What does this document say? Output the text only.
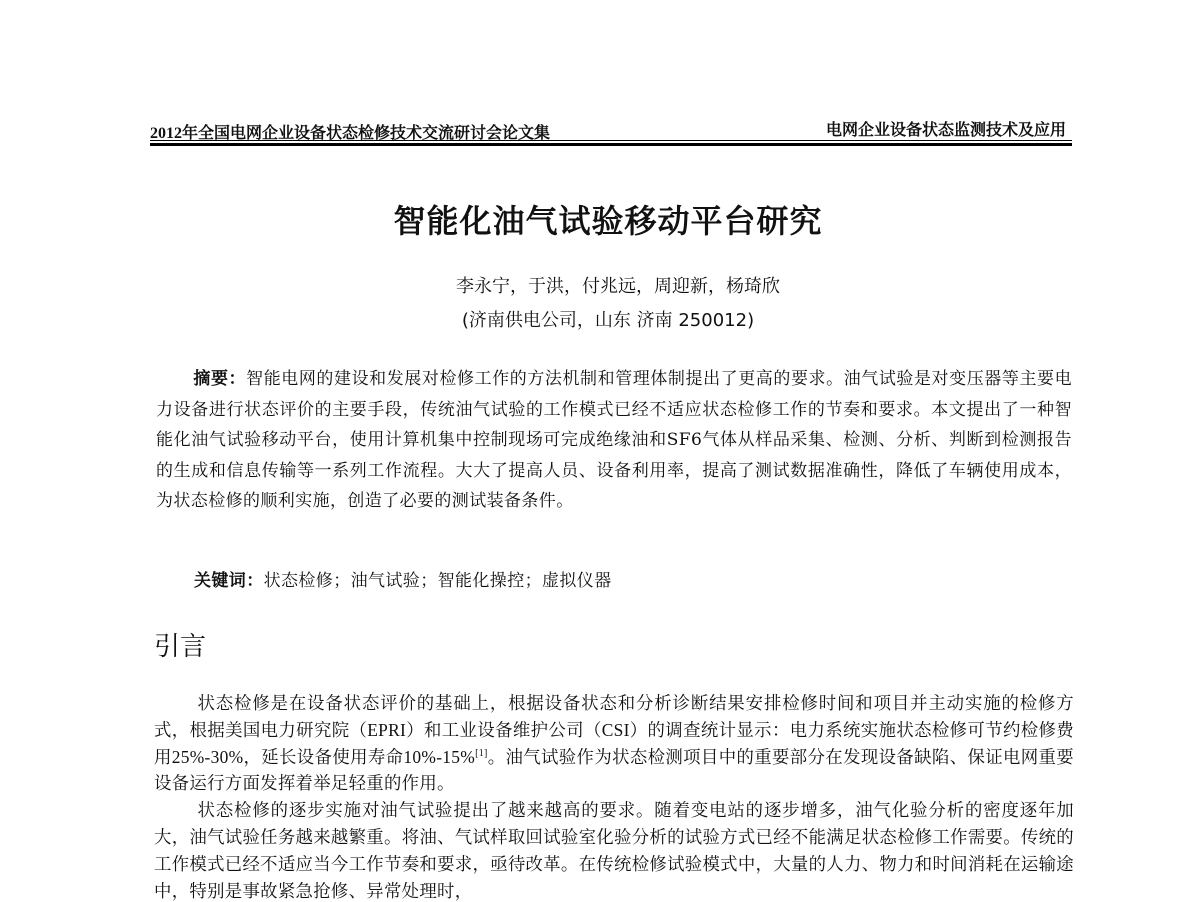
2012年全国电网企业设备状态检修技术交流研讨会论文集	电网企业设备状态监测技术及应用
智能化油气试验移动平台研究
李永宁，于洪，付兆远，周迎新，杨琦欣
(济南供电公司，山东 济南 250012)
摘要：智能电网的建设和发展对检修工作的方法机制和管理体制提出了更高的要求。油气试验是对变压器等主要电力设备进行状态评价的主要手段，传统油气试验的工作模式已经不适应状态检修工作的节奏和要求。本文提出了一种智能化油气试验移动平台，使用计算机集中控制现场可完成绝缘油和SF6气体从样品采集、检测、分析、判断到检测报告的生成和信息传输等一系列工作流程。大大了提高人员、设备利用率，提高了测试数据准确性，降低了车辆使用成本，为状态检修的顺利实施，创造了必要的测试装备条件。
关键词：状态检修；油气试验；智能化操控；虚拟仪器
引言

状态检修是在设备状态评价的基础上，根据设备状态和分析诊断结果安排检修时间和项目并主动实施的检修方式，根据美国电力研究院（EPRI）和工业设备维护公司（CSI）的调查统计显示：电力系统实施状态检修可节约检修费用25%-30%，延长设备使用寿命10%-15%[1]。油气试验作为状态检测项目中的重要部分在发现设备缺陷、保证电网重要设备运行方面发挥着举足轻重的作用。

状态检修的逐步实施对油气试验提出了越来越高的要求。随着变电站的逐步增多，油气化验分析的密度逐年加大，油气试验任务越来越繁重。将油、气试样取回试验室化验分析的试验方式已经不能满足状态检修工作需要。传统的工作模式已经不适应当今工作节奏和要求，亟待改革。在传统检修试验模式中，大量的人力、物力和时间消耗在运输途中，特别是事故紧急抢修、异常处理时，
